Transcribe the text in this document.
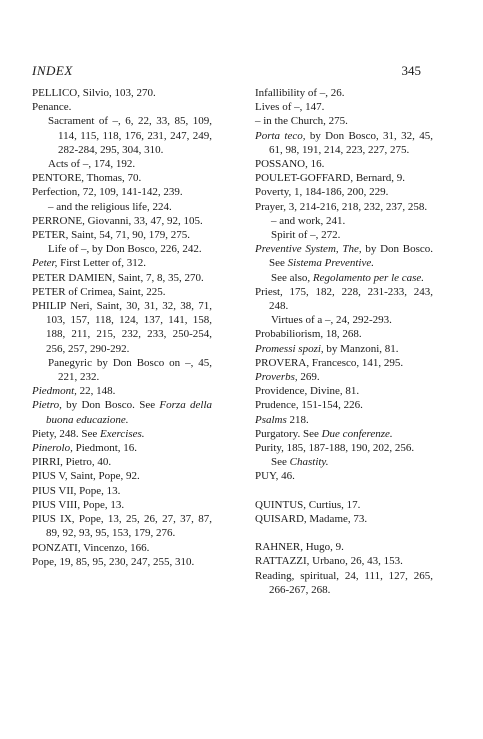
INDEX	345
PELLICO, Silvio, 103, 270.
Penance.
Sacrament of –, 6, 22, 33, 85, 109, 114, 115, 118, 176, 231, 247, 249, 282-284, 295, 304, 310.
Acts of –, 174, 192.
PENTORE, Thomas, 70.
Perfection, 72, 109, 141-142, 239.
– and the religious life, 224.
PERRONE, Giovanni, 33, 47, 92, 105.
PETER, Saint, 54, 71, 90, 179, 275.
Life of –, by Don Bosco, 226, 242.
Peter, First Letter of, 312.
PETER DAMIEN, Saint, 7, 8, 35, 270.
PETER of Crimea, Saint, 225.
PHILIP Neri, Saint, 30, 31, 32, 38, 71, 103, 157, 118, 124, 137, 141, 158, 188, 211, 215, 232, 233, 250-254, 256, 257, 290-292.
Panegyric by Don Bosco on –, 45, 221, 232.
Piedmont, 22, 148.
Pietro, by Don Bosco. See Forza della buona educazione.
Piety, 248. See Exercises.
Pinerolo, Piedmont, 16.
PIRRI, Pietro, 40.
PIUS V, Saint, Pope, 92.
PIUS VII, Pope, 13.
PIUS VIII, Pope, 13.
PIUS IX, Pope, 13, 25, 26, 27, 37, 87, 89, 92, 93, 95, 153, 179, 276.
PONZATI, Vincenzo, 166.
Pope, 19, 85, 95, 230, 247, 255, 310.
Infallibility of –, 26.
Lives of –, 147.
– in the Church, 275.
Porta teco, by Don Bosco, 31, 32, 45, 61, 98, 191, 214, 223, 227, 275.
POSSANO, 16.
POULET-GOFFARD, Bernard, 9.
Poverty, 1, 184-186, 200, 229.
Prayer, 3, 214-216, 218, 232, 237, 258.
– and work, 241.
Spirit of –, 272.
Preventive System, The, by Don Bosco. See Sistema Preventive.
See also, Regolamento per le case.
Priest, 175, 182, 228, 231-233, 243, 248.
Virtues of a –, 24, 292-293.
Probabiliorism, 18, 268.
Promessi spozi, by Manzoni, 81.
PROVERA, Francesco, 141, 295.
Proverbs, 269.
Providence, Divine, 81.
Prudence, 151-154, 226.
Psalms 218.
Purgatory. See Due conferenze.
Purity, 185, 187-188, 190, 202, 256.
See Chastity.
PUY, 46.
QUINTUS, Curtius, 17.
QUISARD, Madame, 73.
RAHNER, Hugo, 9.
RATTAZZI, Urbano, 26, 43, 153.
Reading, spiritual, 24, 111, 127, 265, 266-267, 268.
